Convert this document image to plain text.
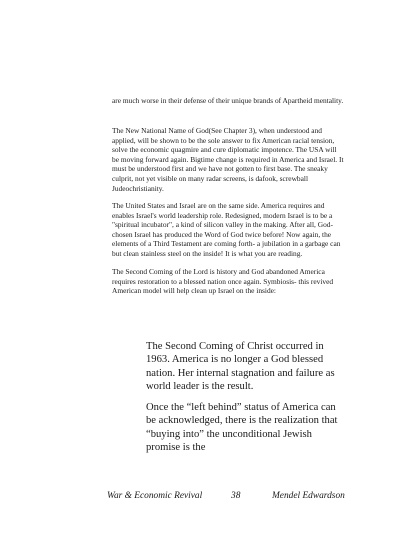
are much worse in their defense of their unique brands of Apartheid mentality.

The New National Name of God(See Chapter 3), when understood and applied, will be shown to be the sole answer to fix American racial tension, solve the economic quagmire and cure diplomatic impotence. The USA will be moving forward again. Bigtime change is required in America and Israel. It must be understood first and we have not gotten to first base. The sneaky culprit, not yet visible on many radar screens, is dafook, screwball Judeochristianity.

The United States and Israel are on the same side. America requires and enables Israel's world leadership role. Redesigned, modern Israel is to be a "spiritual incubator", a kind of silicon valley in the making. After all, God-chosen Israel has produced the Word of God twice before! Now again, the elements of a Third Testament are coming forth- a jubilation in a garbage can but clean stainless steel on the inside! It is what you are reading.

The Second Coming of the Lord is history and God abandoned America requires restoration to a blessed nation once again. Symbiosis- this revived American model will help clean up Israel on the inside:

The Second Coming of Christ occurred in 1963. America is no longer a God blessed nation. Her internal stagnation and failure as world leader is the result.

Once the “left behind” status of America can be acknowledged, there is the realization that “buying into” the unconditional Jewish promise is the

War & Economic Revival	38	Mendel Edwardson
